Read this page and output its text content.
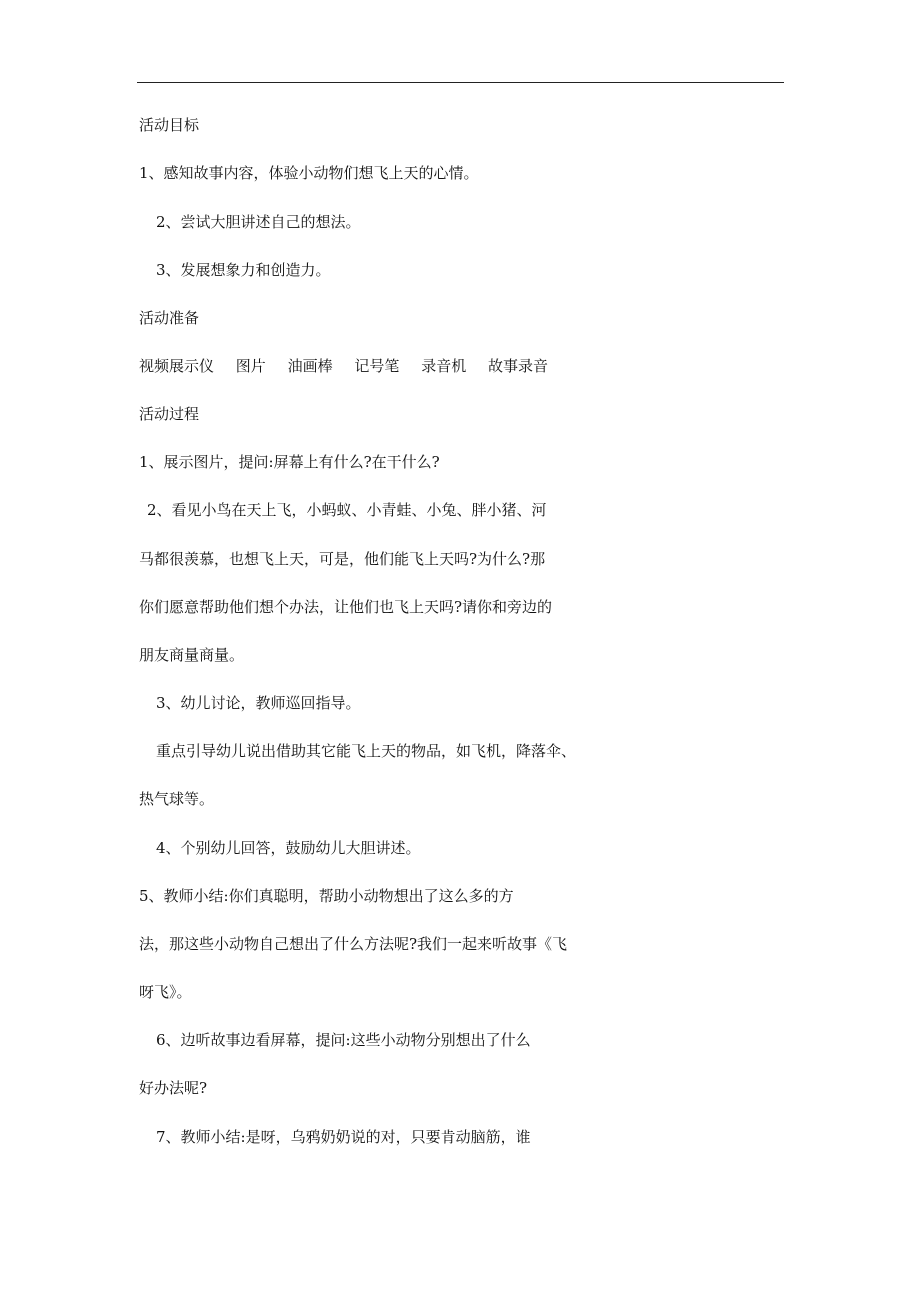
活动目标
1、感知故事内容，体验小动物们想飞上天的心情。
2、尝试大胆讲述自己的想法。
3、发展想象力和创造力。
活动准备
视频展示仪 图片 油画棒 记号笔 录音机 故事录音
活动过程
1、展示图片，提问:屏幕上有什么?在干什么?
2、看见小鸟在天上飞，小蚂蚁、小青蛙、小兔、胖小猪、河
马都很羡慕，也想飞上天，可是，他们能飞上天吗?为什么?那
你们愿意帮助他们想个办法，让他们也飞上天吗?请你和旁边的
朋友商量商量。
3、幼儿讨论，教师巡回指导。
重点引导幼儿说出借助其它能飞上天的物品，如飞机，降落伞、
热气球等。
4、个别幼儿回答，鼓励幼儿大胆讲述。
5、教师小结:你们真聪明，帮助小动物想出了这么多的方
法，那这些小动物自己想出了什么方法呢?我们一起来听故事《飞
呀飞》。
6、边听故事边看屏幕，提问:这些小动物分别想出了什么
好办法呢?
7、教师小结:是呀，乌鸦奶奶说的对，只要肯动脑筋，谁
